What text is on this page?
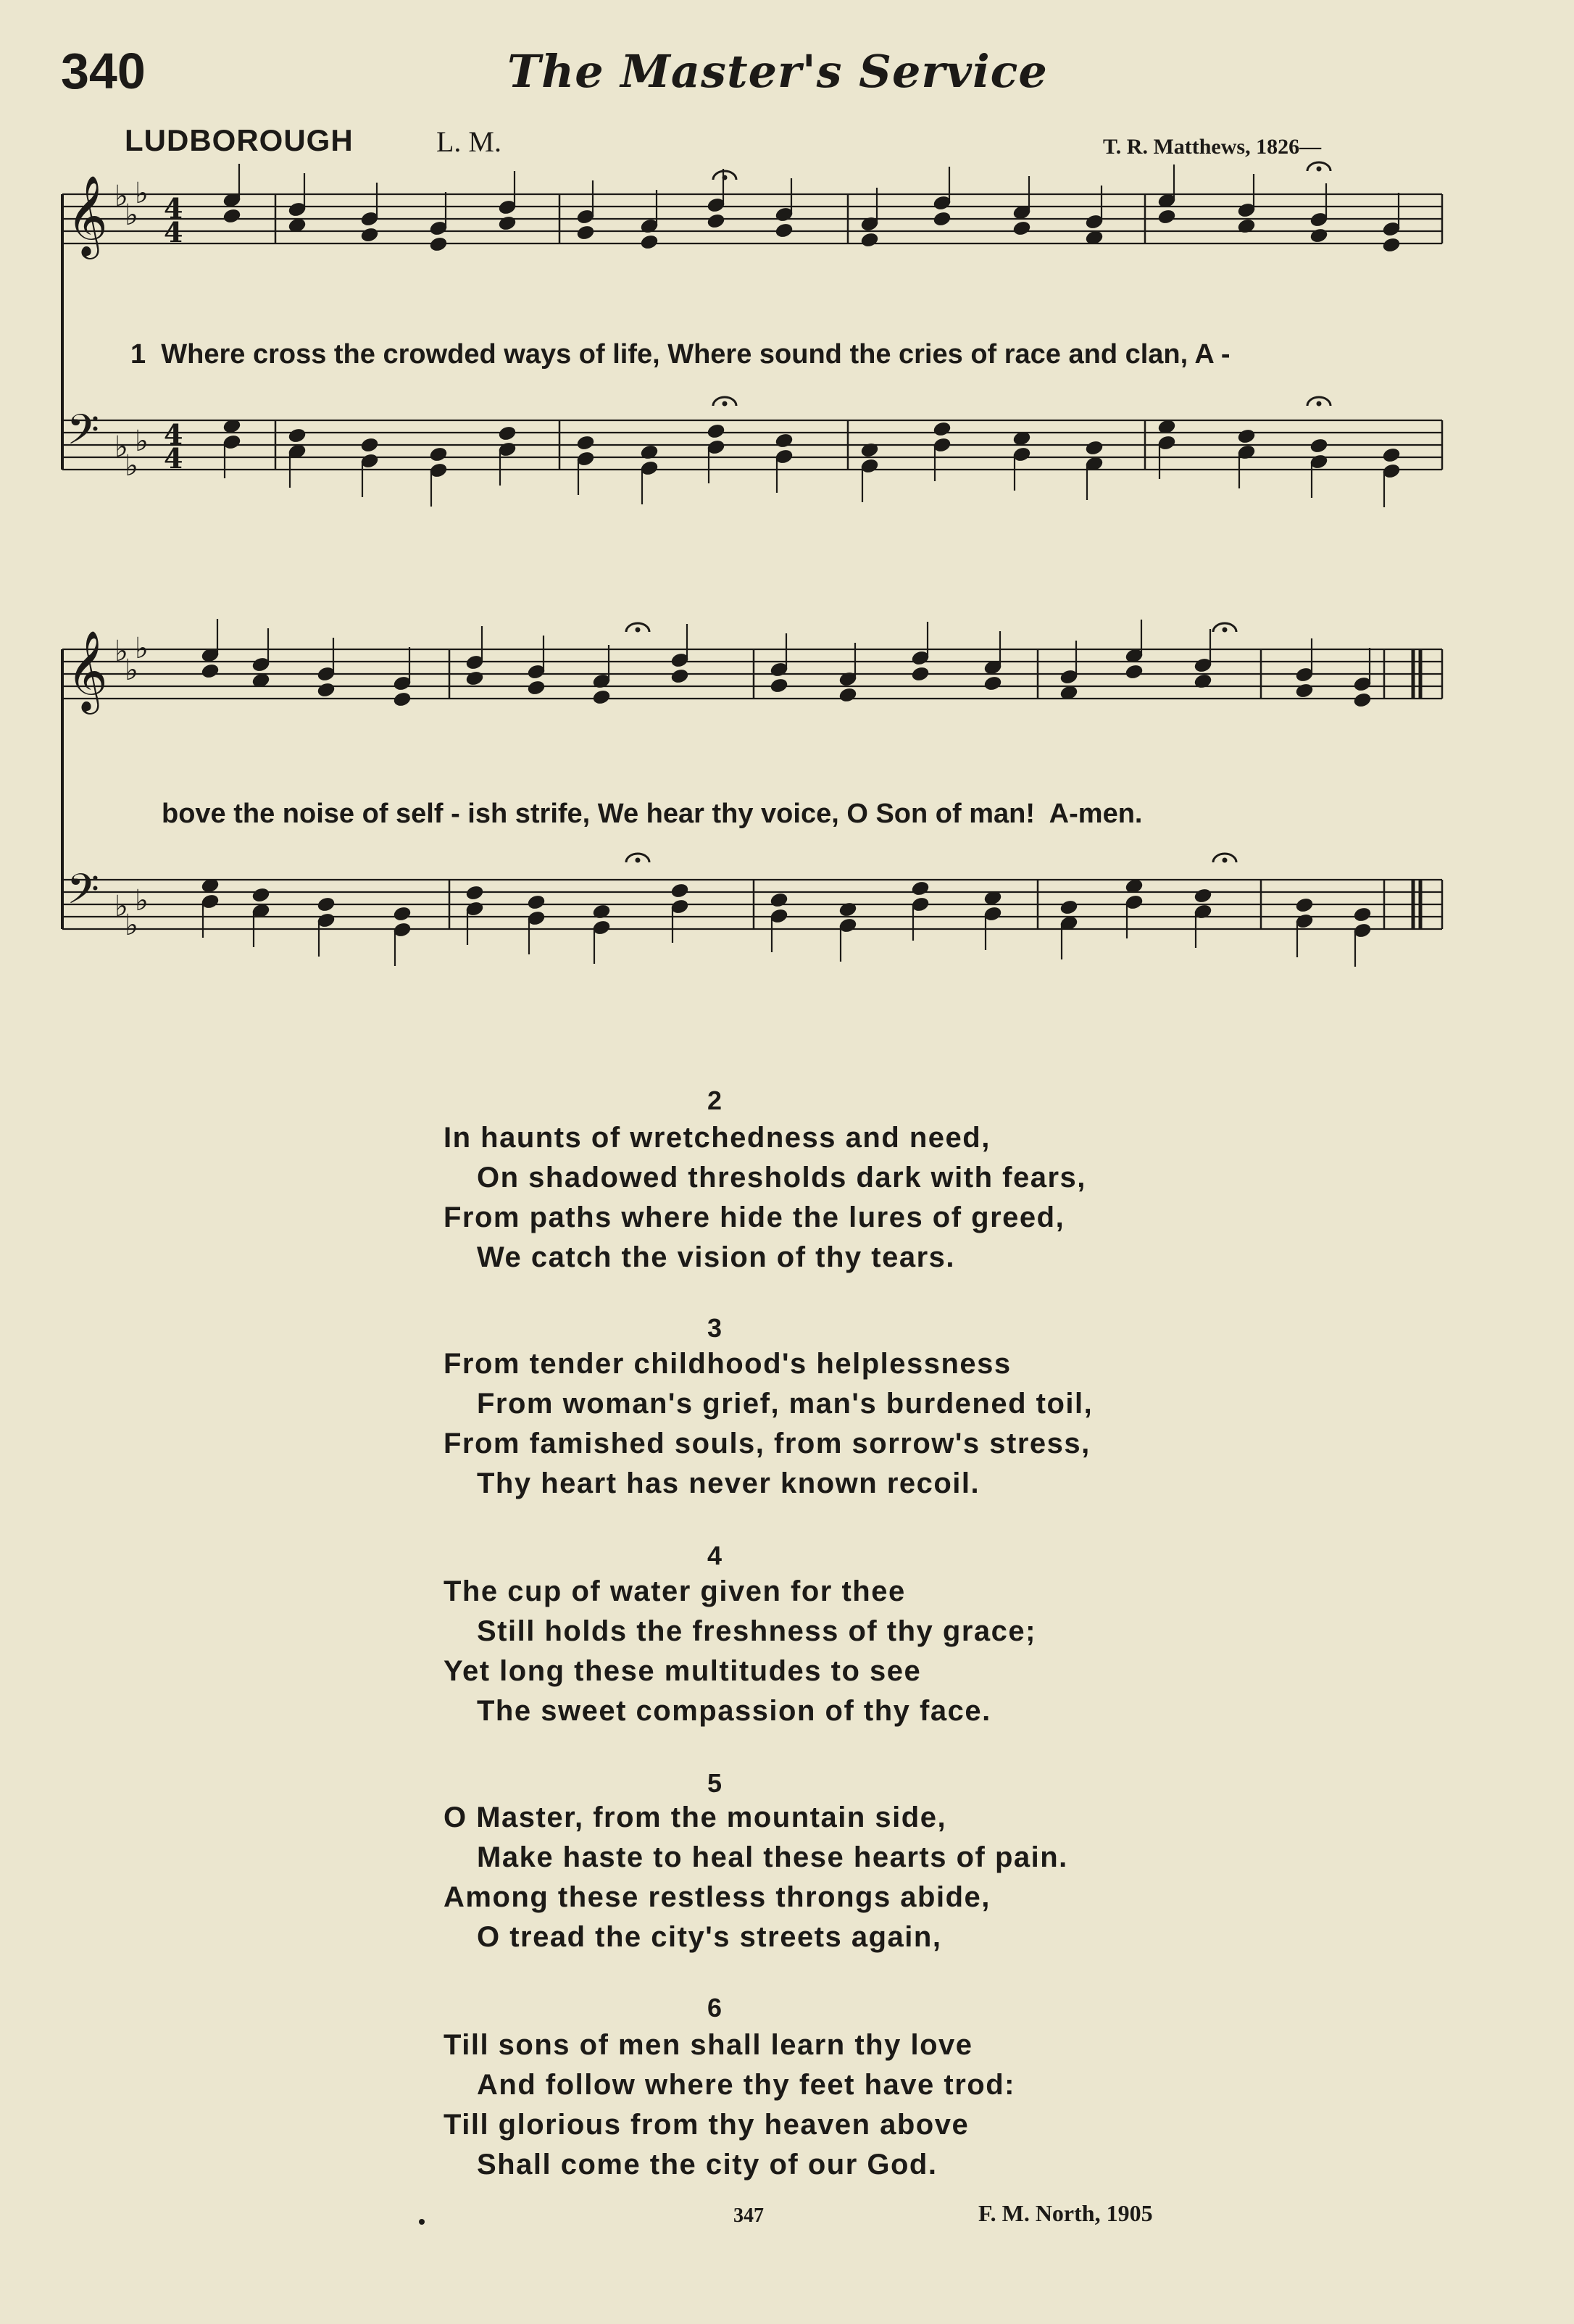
340	The Master's Service
LUDBOROUGH	L. M.	T. R. Matthews, 1826—
𝄞 ♭
♭
♭ 4
4
𝄢 ♭
♭
♭ 4
4
𝄞 ♭
♭
♭
𝄢 ♭
♭
♭
1  Where cross the crowded ways of life, Where sound the cries of race and clan, A -
bove the noise of self - ish strife, We hear thy voice, O Son of man!  A-men.
2
In haunts of wretchedness and need,
On shadowed thresholds dark with fears,
From paths where hide the lures of greed,
We catch the vision of thy tears.
3
From tender childhood's helplessness
From woman's grief, man's burdened toil,
From famished souls, from sorrow's stress,
Thy heart has never known recoil.
4
The cup of water given for thee
Still holds the freshness of thy grace;
Yet long these multitudes to see
The sweet compassion of thy face.
5
O Master, from the mountain side,
Make haste to heal these hearts of pain.
Among these restless throngs abide,
O tread the city's streets again,
6
Till sons of men shall learn thy love
And follow where thy feet have trod:
Till glorious from thy heaven above
Shall come the city of our God.
347	F. M. North, 1905
